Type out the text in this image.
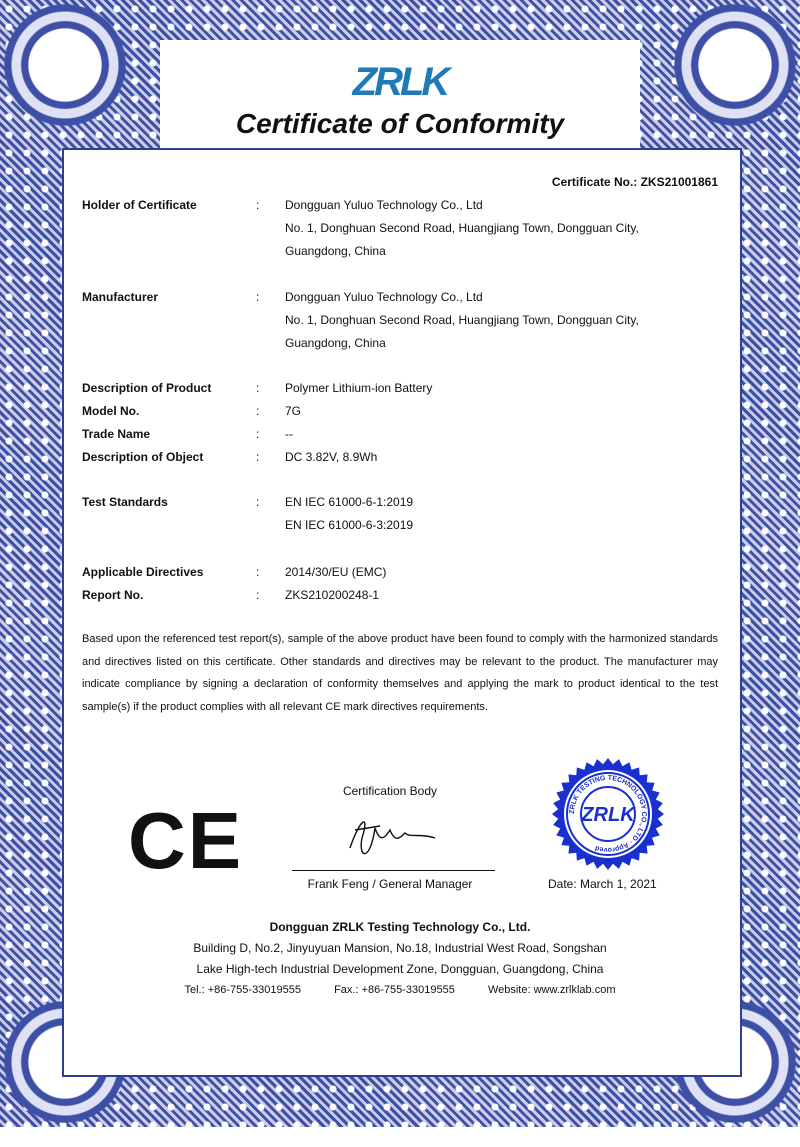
ZRLK
Certificate of Conformity
Certificate No.: ZKS21001861
Holder of Certificate	: Dongguan Yuluo Technology Co., Ltd
No. 1, Donghuan Second Road, Huangjiang Town, Dongguan City,
Guangdong, China
Manufacturer	: Dongguan Yuluo Technology Co., Ltd
No. 1, Donghuan Second Road, Huangjiang Town, Dongguan City,
Guangdong, China
Description of Product	: Polymer Lithium-ion Battery
Model No.	: 7G
Trade Name	: --
Description of Object	: DC 3.82V, 8.9Wh
Test Standards	: EN IEC 61000-6-1:2019
EN IEC 61000-6-3:2019
Applicable Directives	: 2014/30/EU (EMC)
Report No.	: ZKS210200248-1
Based upon the referenced test report(s), sample of the above product have been found to comply with the harmonized standards and directives listed on this certificate. Other standards and directives may be relevant to the product. The manufacturer may indicate compliance by signing a declaration of conformity themselves and applying the mark to product identical to the test sample(s) if the product complies with all relevant CE mark directives requirements.
CE
Certification Body
Frank Feng / General Manager
ZRLK TESTING TECHNOLOGY CO., LTD · Approved
ZRLK
Date: March 1, 2021
Dongguan ZRLK Testing Technology Co., Ltd.
Building D, No.2, Jinyuyuan Mansion, No.18, Industrial West Road, Songshan
Lake High-tech Industrial Development Zone, Dongguan, Guangdong, China
Tel.: +86-755-33019555	Fax.: +86-755-33019555	Website: www.zrlklab.com
